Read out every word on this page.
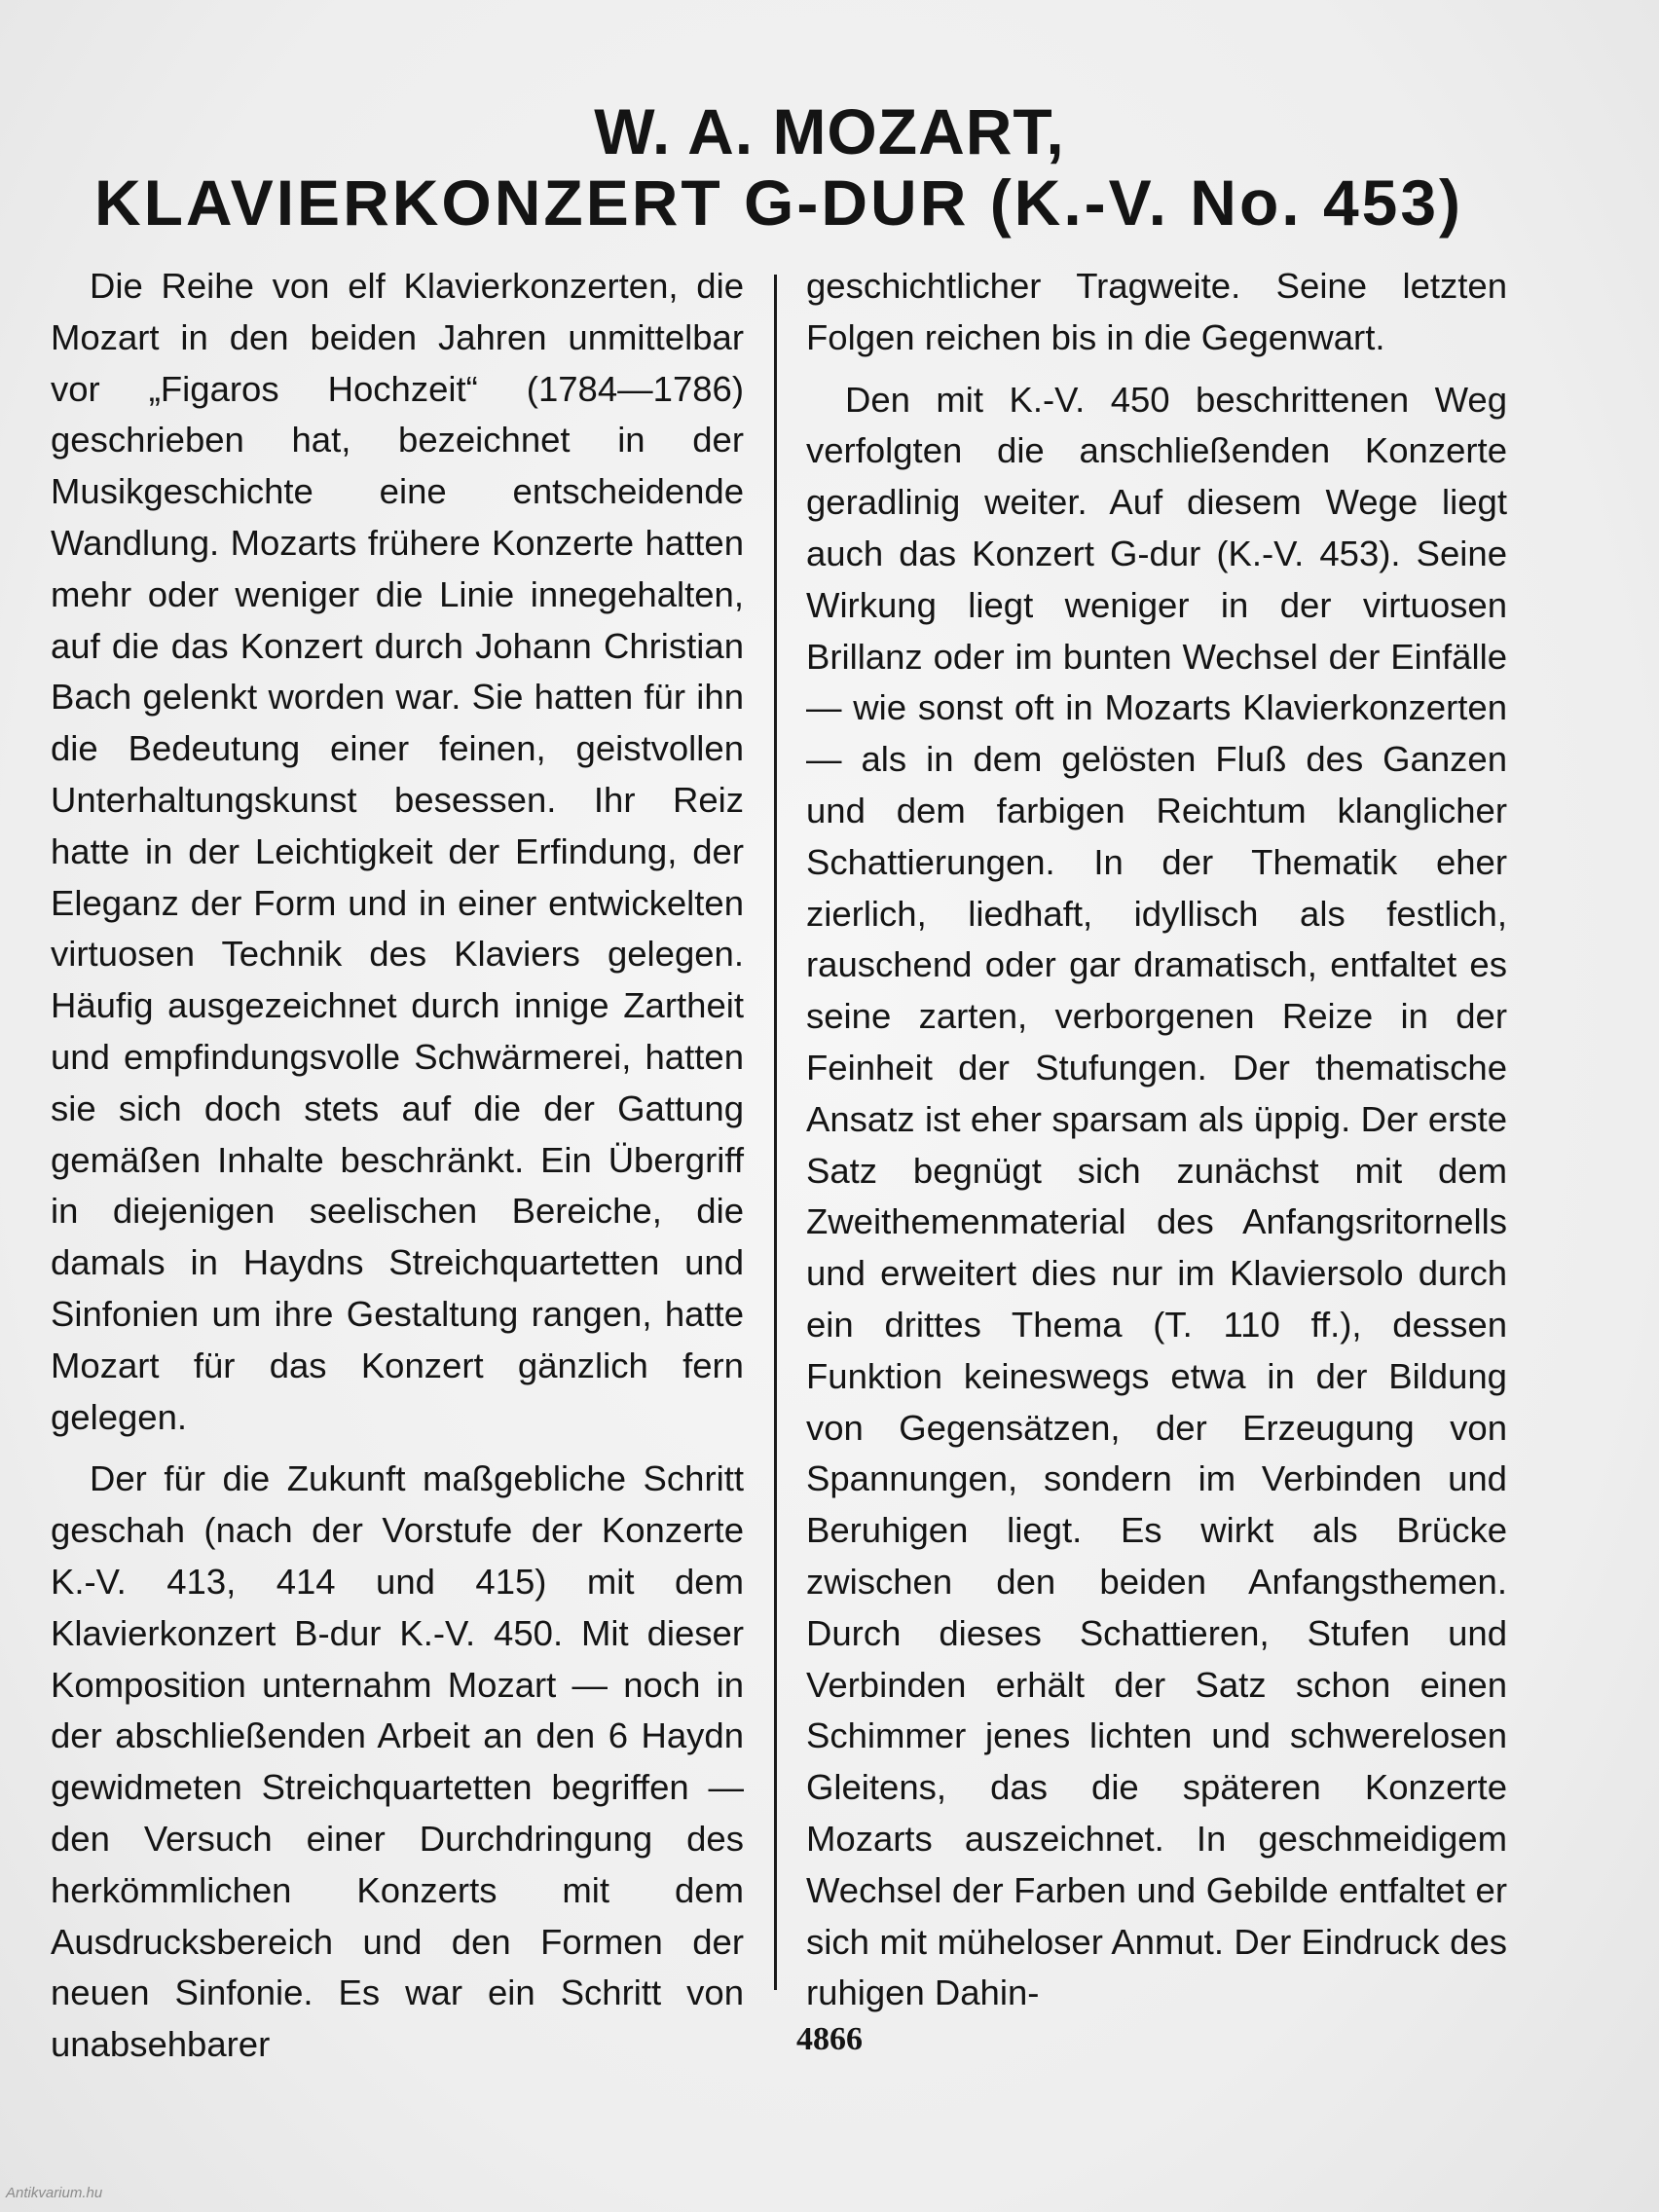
W. A. MOZART,
KLAVIERKONZERT G-DUR (K.-V. No. 453)

Die Reihe von elf Klavierkonzerten, die Mozart in den beiden Jahren unmittelbar vor „Figaros Hochzeit“ (1784—1786) geschrieben hat, bezeichnet in der Musikgeschichte eine entscheidende Wandlung. Mozarts frühere Konzerte hatten mehr oder weniger die Linie innegehalten, auf die das Konzert durch Johann Christian Bach gelenkt worden war. Sie hatten für ihn die Bedeutung einer feinen, geistvollen Unterhaltungskunst besessen. Ihr Reiz hatte in der Leichtigkeit der Erfindung, der Eleganz der Form und in einer entwickelten virtuosen Technik des Klaviers gelegen. Häufig ausgezeichnet durch innige Zartheit und empfindungsvolle Schwärmerei, hatten sie sich doch stets auf die der Gattung gemäßen Inhalte beschränkt. Ein Übergriff in diejenigen seelischen Bereiche, die damals in Haydns Streichquartetten und Sinfonien um ihre Gestaltung rangen, hatte Mozart für das Konzert gänzlich fern gelegen.

Der für die Zukunft maßgebliche Schritt geschah (nach der Vorstufe der Konzerte K.-V. 413, 414 und 415) mit dem Klavierkonzert B-dur K.-V. 450. Mit dieser Komposition unternahm Mozart — noch in der abschließenden Arbeit an den 6 Haydn gewidmeten Streichquartetten begriffen — den Versuch einer Durchdringung des herkömmlichen Konzerts mit dem Ausdrucksbereich und den Formen der neuen Sinfonie. Es war ein Schritt von unabsehbarer

geschichtlicher Tragweite. Seine letzten Folgen reichen bis in die Gegenwart.

Den mit K.-V. 450 beschrittenen Weg verfolgten die anschließenden Konzerte geradlinig weiter. Auf diesem Wege liegt auch das Konzert G-dur (K.-V. 453). Seine Wirkung liegt weniger in der virtuosen Brillanz oder im bunten Wechsel der Einfälle — wie sonst oft in Mozarts Klavierkonzerten — als in dem gelösten Fluß des Ganzen und dem farbigen Reichtum klanglicher Schattierungen. In der Thematik eher zierlich, liedhaft, idyllisch als festlich, rauschend oder gar dramatisch, entfaltet es seine zarten, verborgenen Reize in der Feinheit der Stufungen. Der thematische Ansatz ist eher sparsam als üppig. Der erste Satz begnügt sich zunächst mit dem Zweithemenmaterial des Anfangsritornells und erweitert dies nur im Klaviersolo durch ein drittes Thema (T. 110 ff.), dessen Funktion keineswegs etwa in der Bildung von Gegensätzen, der Erzeugung von Spannungen, sondern im Verbinden und Beruhigen liegt. Es wirkt als Brücke zwischen den beiden Anfangsthemen. Durch dieses Schattieren, Stufen und Verbinden erhält der Satz schon einen Schimmer jenes lichten und schwerelosen Gleitens, das die späteren Konzerte Mozarts auszeichnet. In geschmeidigem Wechsel der Farben und Gebilde entfaltet er sich mit müheloser Anmut. Der Eindruck des ruhigen Dahin-

4866
Antikvarium.hu
